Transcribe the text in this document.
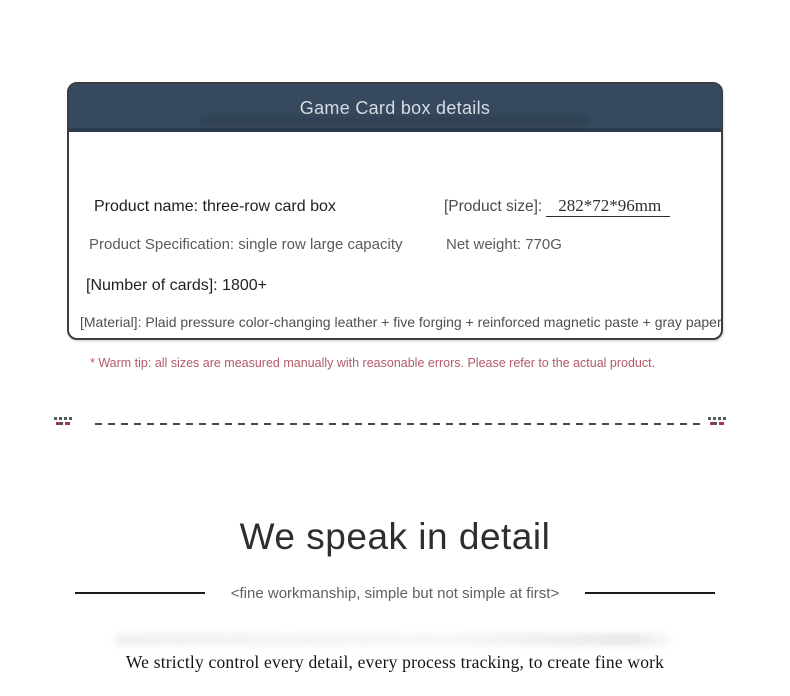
Game Card box details
Product name: three-row card box	[Product size]: 282*72*96mm
Product Specification: single row large capacity	Net weight: 770G
[Number of cards]: 1800+
[Material]: Plaid pressure color-changing leather + five forging + reinforced magnetic paste + gray paper
* Warm tip: all sizes are measured manually with reasonable errors. Please refer to the actual product.
We speak in detail
<fine workmanship, simple but not simple at first>
We strictly control every detail, every process tracking, to create fine work
